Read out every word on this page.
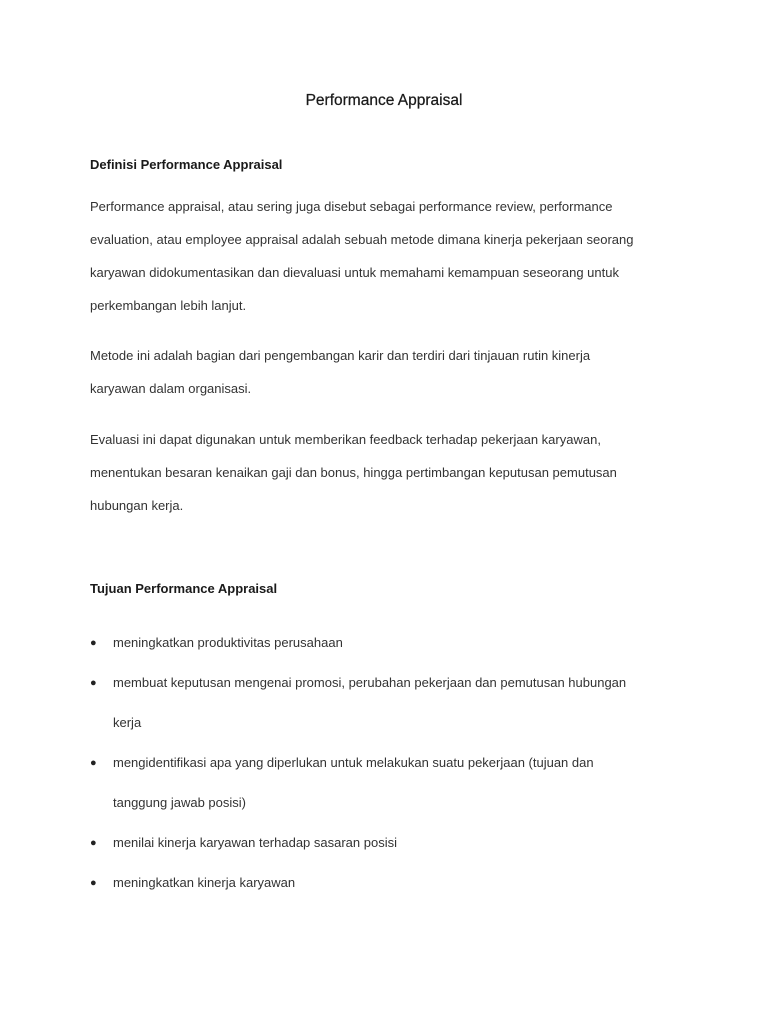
Performance Appraisal
Definisi Performance Appraisal

Performance appraisal, atau sering juga disebut sebagai performance review, performance
evaluation, atau employee appraisal adalah sebuah metode dimana kinerja pekerjaan seorang
karyawan didokumentasikan dan dievaluasi untuk memahami kemampuan seseorang untuk
perkembangan lebih lanjut.

Metode ini adalah bagian dari pengembangan karir dan terdiri dari tinjauan rutin kinerja
karyawan dalam organisasi.

Evaluasi ini dapat digunakan untuk memberikan feedback terhadap pekerjaan karyawan,
menentukan besaran kenaikan gaji dan bonus, hingga pertimbangan keputusan pemutusan
hubungan kerja.

Tujuan Performance Appraisal
● meningkatkan produktivitas perusahaan
● membuat keputusan mengenai promosi, perubahan pekerjaan dan pemutusan hubungan
kerja
● mengidentifikasi apa yang diperlukan untuk melakukan suatu pekerjaan (tujuan dan
tanggung jawab posisi)
● menilai kinerja karyawan terhadap sasaran posisi
● meningkatkan kinerja karyawan
